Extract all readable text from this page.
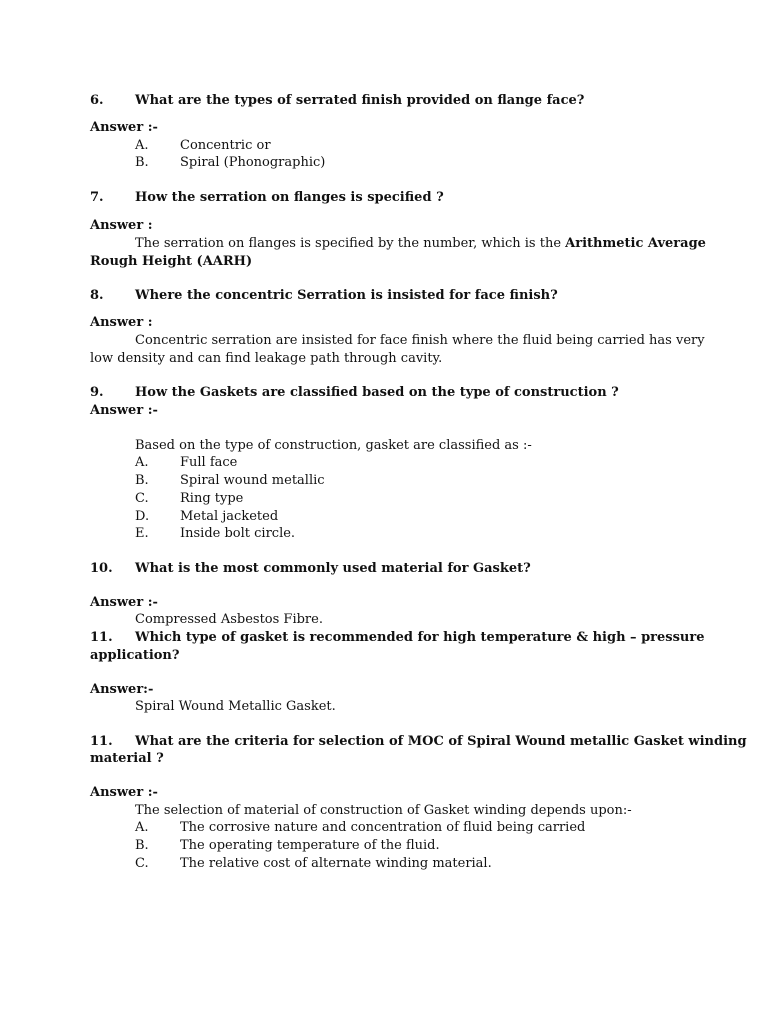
6. What are the types of serrated finish provided on flange face?
Answer :-
A. Concentric or
B. Spiral (Phonographic)
7. How the serration on flanges is specified ?
Answer :
The serration on flanges is specified by the number, which is the Arithmetic Average
Rough Height (AARH)
8. Where the concentric Serration is insisted for face finish?
Answer :
Concentric serration are insisted for face finish where the fluid being carried has very
low density and can find leakage path through cavity.
9. How the Gaskets are classified based on the type of construction ?
Answer :-
Based on the type of construction, gasket are classified as :-
A. Full face
B. Spiral wound metallic
C. Ring type
D. Metal jacketed
E. Inside bolt circle.
10. What is the most commonly used material for Gasket?
Answer :-
Compressed Asbestos Fibre.
11. Which type of gasket is recommended for high temperature & high – pressure
application?
Answer:-
Spiral Wound Metallic Gasket.
11. What are the criteria for selection of MOC of Spiral Wound metallic Gasket winding
material ?
Answer :-
The selection of material of construction of Gasket winding depends upon:-
A. The corrosive nature and concentration of fluid being carried
B. The operating temperature of the fluid.
C. The relative cost of alternate winding material.
